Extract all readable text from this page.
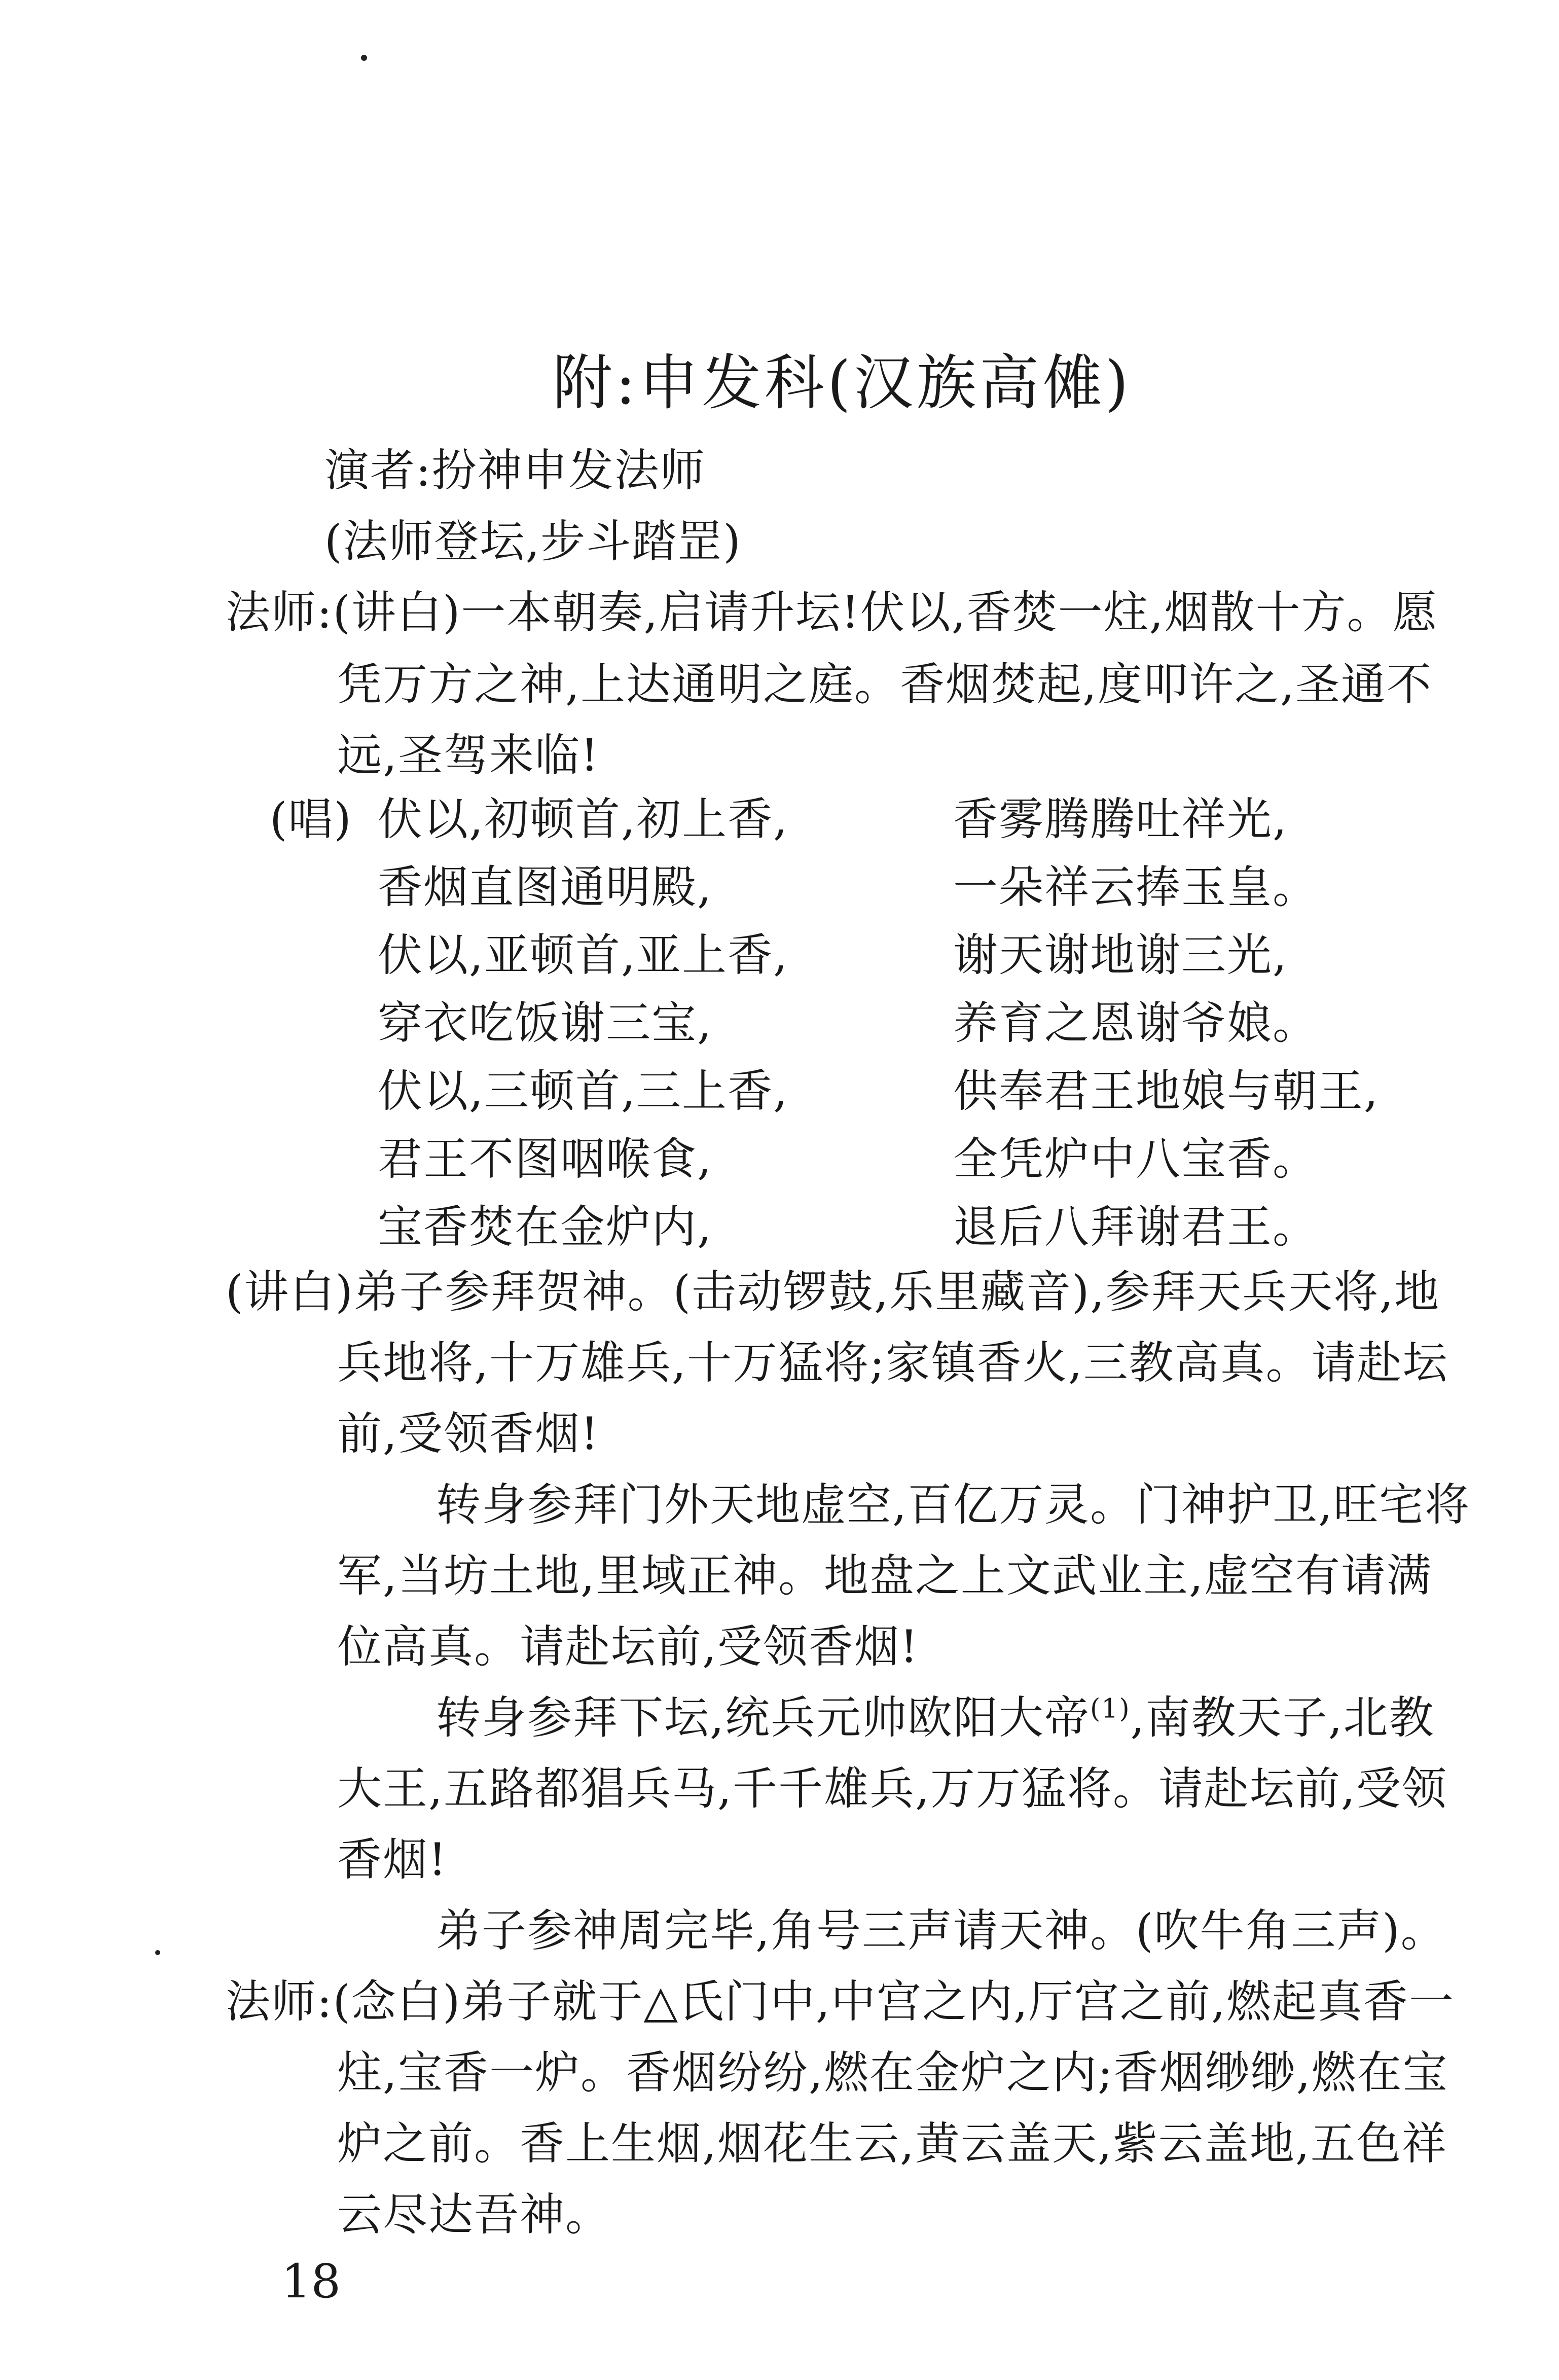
附:申发科(汉族高傩)
演者:扮神申发法师
(法师登坛,步斗踏罡)
法师:(讲白)一本朝奏,启请升坛!伏以,香焚一炷,烟散十方。愿
凭万方之神,上达通明之庭。香烟焚起,度叩许之,圣通不
远,圣驾来临!
(唱) 伏以,初顿首,初上香,
香烟直图通明殿,
伏以,亚顿首,亚上香,
穿衣吃饭谢三宝,
伏以,三顿首,三上香,
君王不图咽喉食,
宝香焚在金炉内,
香雾腾腾吐祥光,
一朵祥云捧玉皇。
谢天谢地谢三光,
养育之恩谢爷娘。
供奉君王地娘与朝王,
全凭炉中八宝香。
退后八拜谢君王。
(讲白)弟子参拜贺神。(击动锣鼓,乐里藏音),参拜天兵天将,地
兵地将,十万雄兵,十万猛将;家镇香火,三教高真。请赴坛
前,受领香烟!
转身参拜门外天地虚空,百亿万灵。门神护卫,旺宅将
军,当坊土地,里域正神。地盘之上文武业主,虚空有请满
位高真。请赴坛前,受领香烟!
转身参拜下坛,统兵元帅欧阳大帝$^{(1)}$,南教天子,北教
大王,五路都猖兵马,千千雄兵,万万猛将。请赴坛前,受领
香烟!
弟子参神周完毕,角号三声请天神。(吹牛角三声)。
法师:(念白)弟子就于△氏门中,中宫之内,厅宫之前,燃起真香一
炷,宝香一炉。香烟纷纷,燃在金炉之内;香烟缈缈,燃在宝
炉之前。香上生烟,烟花生云,黄云盖天,紫云盖地,五色祥
云尽达吾神。
18
